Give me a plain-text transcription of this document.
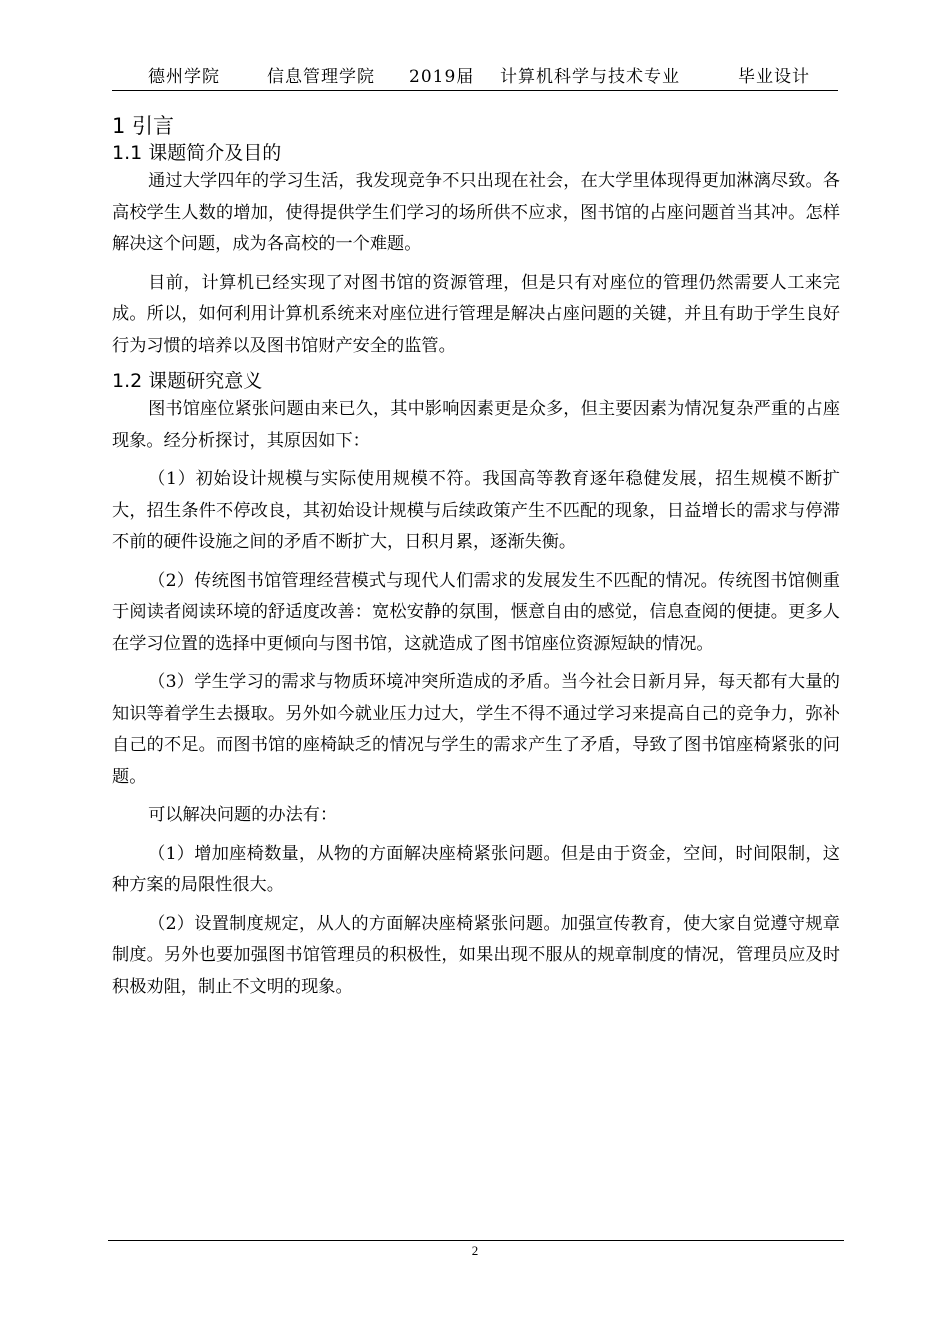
德州学院	信息管理学院 2019届 计算机科学与技术专业	毕业设计
1 引言
1.1 课题简介及目的

通过大学四年的学习生活，我发现竞争不只出现在社会，在大学里体现得更加淋漓尽致。各高校学生人数的增加，使得提供学生们学习的场所供不应求，图书馆的占座问题首当其冲。怎样解决这个问题，成为各高校的一个难题。

目前，计算机已经实现了对图书馆的资源管理，但是只有对座位的管理仍然需要人工来完成。所以，如何利用计算机系统来对座位进行管理是解决占座问题的关键，并且有助于学生良好行为习惯的培养以及图书馆财产安全的监管。

1.2 课题研究意义

图书馆座位紧张问题由来已久，其中影响因素更是众多，但主要因素为情况复杂严重的占座现象。经分析探讨，其原因如下：

（1）初始设计规模与实际使用规模不符。我国高等教育逐年稳健发展，招生规模不断扩大，招生条件不停改良，其初始设计规模与后续政策产生不匹配的现象，日益增长的需求与停滞不前的硬件设施之间的矛盾不断扩大，日积月累，逐渐失衡。

（2）传统图书馆管理经营模式与现代人们需求的发展发生不匹配的情况。传统图书馆侧重于阅读者阅读环境的舒适度改善：宽松安静的氛围，惬意自由的感觉，信息查阅的便捷。更多人在学习位置的选择中更倾向与图书馆，这就造成了图书馆座位资源短缺的情况。

（3）学生学习的需求与物质环境冲突所造成的矛盾。当今社会日新月异，每天都有大量的知识等着学生去摄取。另外如今就业压力过大，学生不得不通过学习来提高自己的竞争力，弥补自己的不足。而图书馆的座椅缺乏的情况与学生的需求产生了矛盾，导致了图书馆座椅紧张的问题。

可以解决问题的办法有：

（1）增加座椅数量，从物的方面解决座椅紧张问题。但是由于资金，空间，时间限制，这种方案的局限性很大。

（2）设置制度规定，从人的方面解决座椅紧张问题。加强宣传教育，使大家自觉遵守规章制度。另外也要加强图书馆管理员的积极性，如果出现不服从的规章制度的情况，管理员应及时积极劝阻，制止不文明的现象。

2
